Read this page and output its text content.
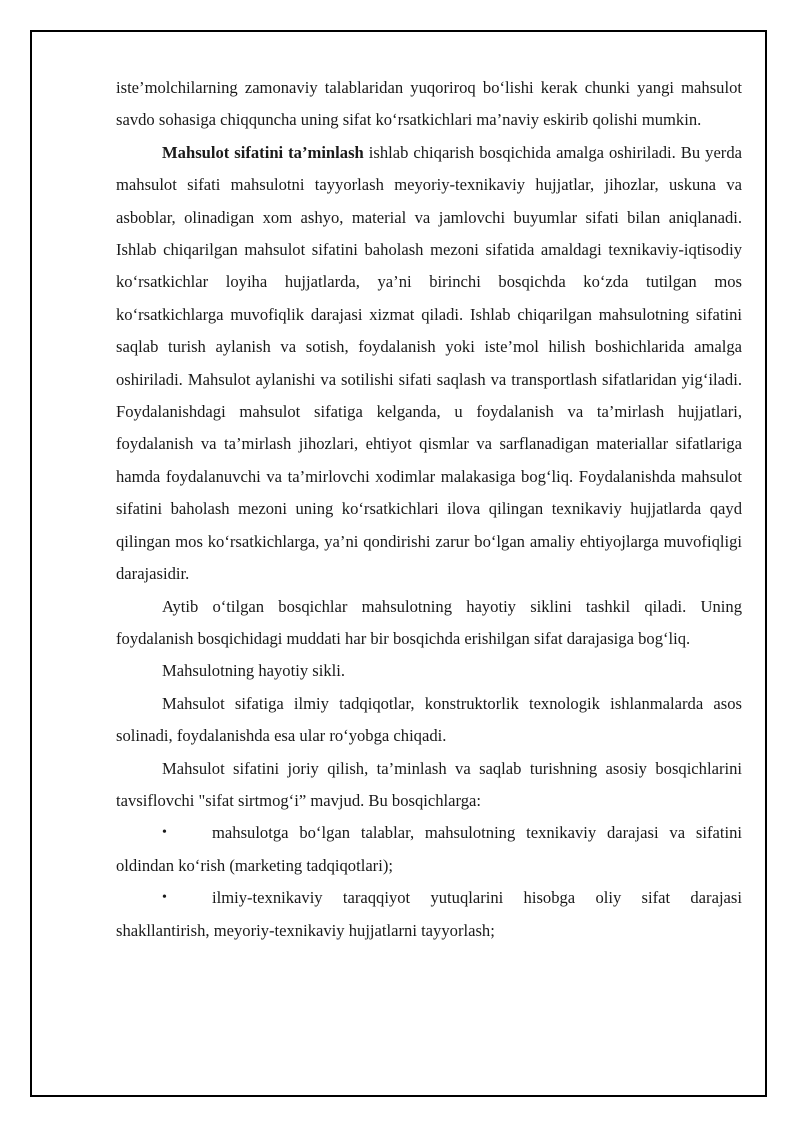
iste’molchilarning zamonaviy talablaridan yuqoriroq bo‘lishi kerak chunki yangi mahsulot savdo sohasiga chiqquncha uning sifat ko‘rsatkichlari ma’naviy eskirib qolishi mumkin.

Mahsulot sifatini ta’minlash ishlab chiqarish bosqichida amalga oshiriladi. Bu yerda mahsulot sifati mahsulotni tayyorlash meyoriy-texnikaviy hujjatlar, jihozlar, uskuna va asboblar, olinadigan xom ashyo, material va jamlovchi buyumlar sifati bilan aniqlanadi. Ishlab chiqarilgan mahsulot sifatini baholash mezoni sifatida amaldagi texnikaviy-iqtisodiy ko‘rsatkichlar loyiha hujjatlarda, ya’ni birinchi bosqichda ko‘zda tutilgan mos ko‘rsatkichlarga muvofiqlik darajasi xizmat qiladi. Ishlab chiqarilgan mahsulotning sifatini saqlab turish aylanish va sotish, foydalanish yoki iste’mol hilish boshichlarida amalga oshiriladi. Mahsulot aylanishi va sotilishi sifati saqlash va transportlash sifatlaridan yig‘iladi. Foydalanishdagi mahsulot sifatiga kelganda, u foydalanish va ta’mirlash hujjatlari, foydalanish va ta’mirlash jihozlari, ehtiyot qismlar va sarflanadigan materiallar sifatlariga hamda foydalanuvchi va ta’mirlovchi xodimlar malakasiga bog‘liq. Foydalanishda mahsulot sifatini baholash mezoni uning ko‘rsatkichlari ilova qilingan texnikaviy hujjatlarda qayd qilingan mos ko‘rsatkichlarga, ya’ni qondirishi zarur bo‘lgan amaliy ehtiyojlarga muvofiqligi darajasidir.

Aytib o‘tilgan bosqichlar mahsulotning hayotiy siklini tashkil qiladi. Uning foydalanish bosqichidagi muddati har bir bosqichda erishilgan sifat darajasiga bog‘liq.

Mahsulotning hayotiy sikli.

Mahsulot sifatiga ilmiy tadqiqotlar, konstruktorlik texnologik ishlanmalarda asos solinadi, foydalanishda esa ular ro‘yobga chiqadi.

Mahsulot sifatini joriy qilish, ta’minlash va saqlab turishning asosiy bosqichlarini tavsiflovchi "sifat sirtmog‘i” mavjud. Bu bosqichlarga:

•	mahsulotga bo‘lgan talablar, mahsulotning texnikaviy darajasi va sifatini oldindan ko‘rish (marketing tadqiqotlari);

•	ilmiy-texnikaviy taraqqiyot yutuqlarini hisobga oliy sifat darajasi shakllantirish, meyoriy-texnikaviy hujjatlarni tayyorlash;
